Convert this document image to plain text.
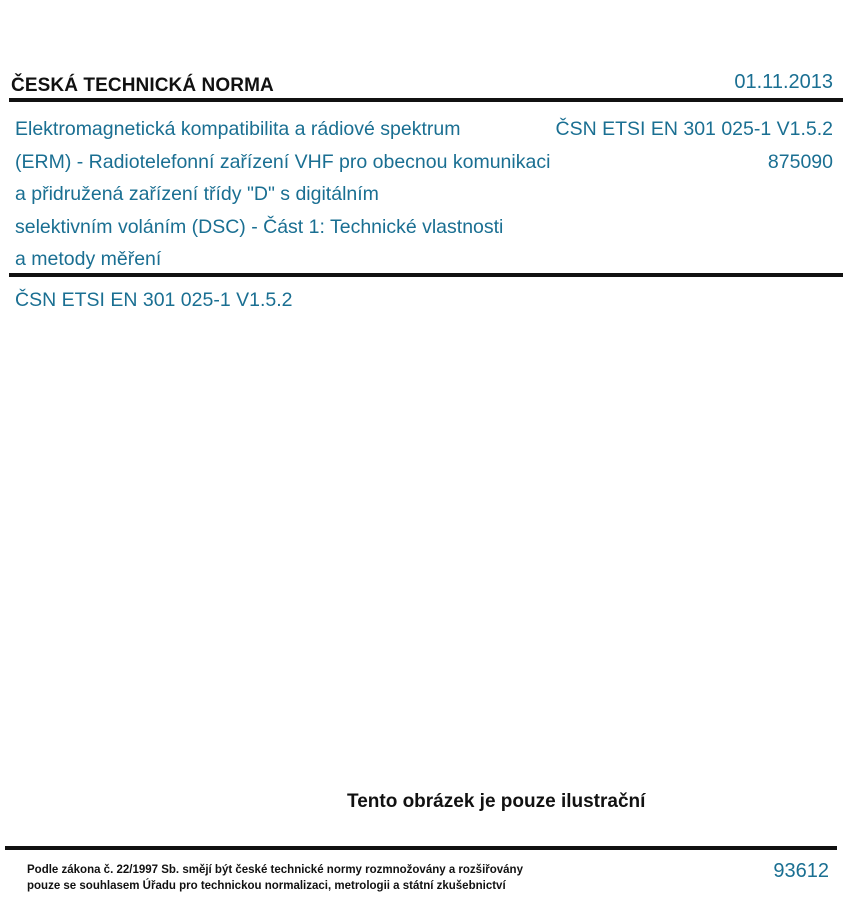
ČESKÁ TECHNICKÁ NORMA	01.11.2013
Elektromagnetická kompatibilita a rádiové spektrum
(ERM) - Radiotelefonní zařízení VHF pro obecnou komunikaci
a přidružená zařízení třídy "D" s digitálním
selektivním voláním (DSC) - Část 1: Technické vlastnosti
a metody měření
ČSN ETSI EN 301 025-1 V1.5.2
875090
ČSN ETSI EN 301 025-1 V1.5.2
Tento obrázek je pouze ilustrační
Podle zákona č. 22/1997 Sb. smějí být české technické normy rozmnožovány a rozšiřovány
pouze se souhlasem Úřadu pro technickou normalizaci, metrologii a státní zkušebnictví
93612
